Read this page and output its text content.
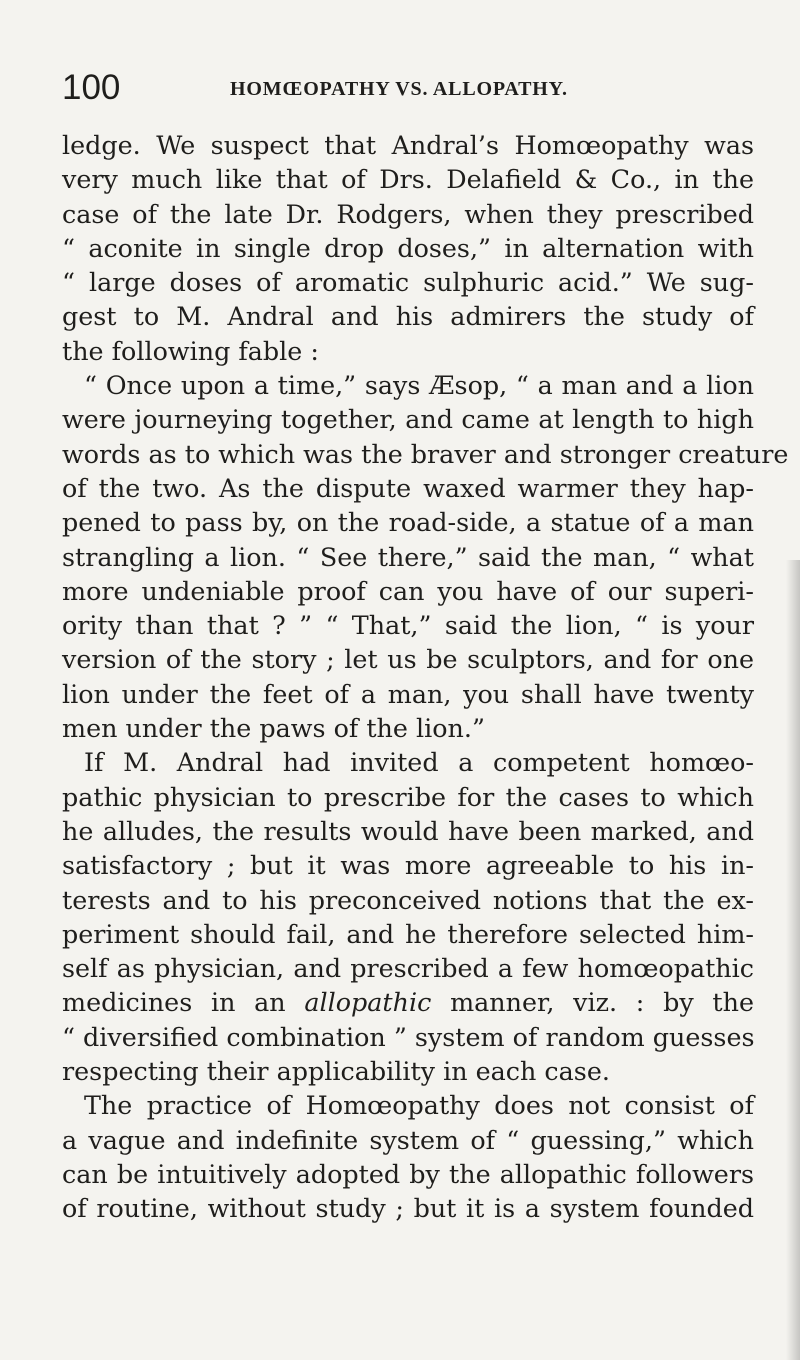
100	HOMŒOPATHY VS. ALLOPATHY.
ledge. We suspect that Andral’s Homœopathy was
very much like that of Drs. Delafield & Co., in the
case of the late Dr. Rodgers, when they prescribed
“ aconite in single drop doses,” in alternation with
“ large doses of aromatic sulphuric acid.” We sug-
gest to M. Andral and his admirers the study of
the following fable :
“ Once upon a time,” says Æsop, “ a man and a lion
were journeying together, and came at length to high
words as to which was the braver and stronger creature
of the two. As the dispute waxed warmer they hap-
pened to pass by, on the road-side, a statue of a man
strangling a lion. “ See there,” said the man, “ what
more undeniable proof can you have of our superi-
ority than that ? ” “ That,” said the lion, “ is your
version of the story ; let us be sculptors, and for one
lion under the feet of a man, you shall have twenty
men under the paws of the lion.”
If M. Andral had invited a competent homœo-
pathic physician to prescribe for the cases to which
he alludes, the results would have been marked, and
satisfactory ; but it was more agreeable to his in-
terests and to his preconceived notions that the ex-
periment should fail, and he therefore selected him-
self as physician, and prescribed a few homœopathic
medicines in an allopathic manner, viz. : by the
“ diversified combination ” system of random guesses
respecting their applicability in each case.
The practice of Homœopathy does not consist of
a vague and indefinite system of “ guessing,” which
can be intuitively adopted by the allopathic followers
of routine, without study ; but it is a system founded
